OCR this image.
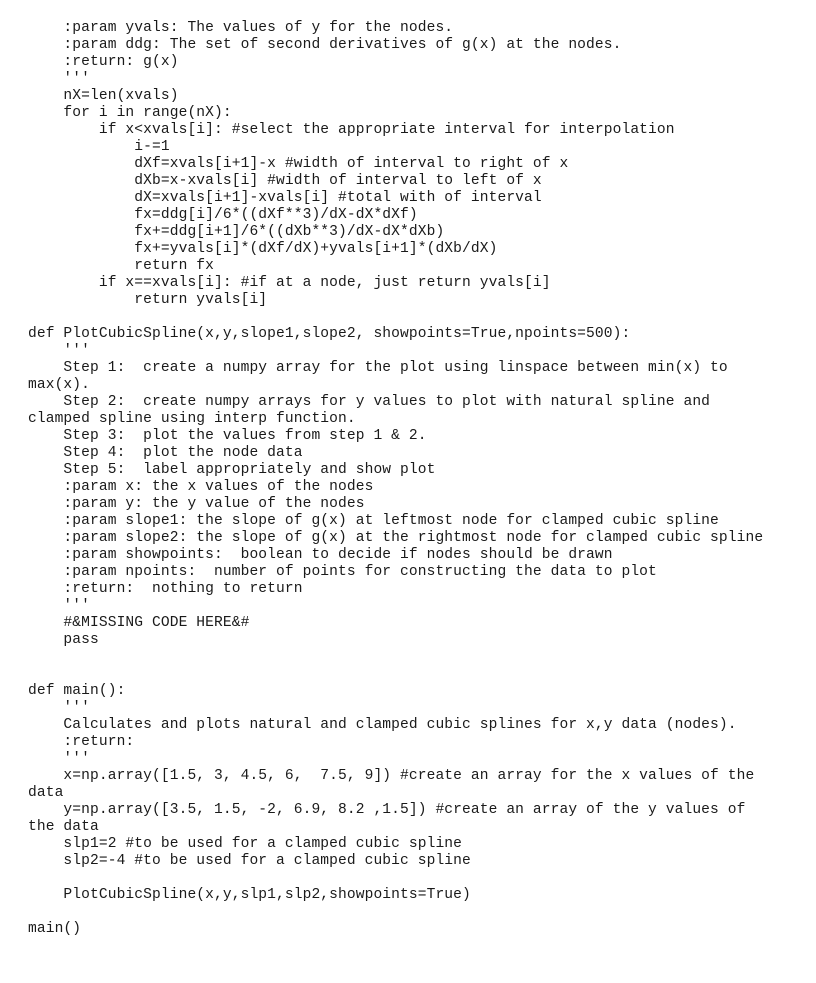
:param yvals: The values of y for the nodes.
:param ddg: The set of second derivatives of g(x) at the nodes.
:return: g(x)
'''
nX=len(xvals)
for i in range(nX):
if x<xvals[i]: #select the appropriate interval for interpolation
i-=1
dXf=xvals[i+1]-x #width of interval to right of x
dXb=x-xvals[i] #width of interval to left of x
dX=xvals[i+1]-xvals[i] #total with of interval
fx=ddg[i]/6*((dXf**3)/dX-dX*dXf)
fx+=ddg[i+1]/6*((dXb**3)/dX-dX*dXb)
fx+=yvals[i]*(dXf/dX)+yvals[i+1]*(dXb/dX)
return fx
if x==xvals[i]: #if at a node, just return yvals[i]
return yvals[i]
def PlotCubicSpline(x,y,slope1,slope2, showpoints=True,npoints=500):
'''
Step 1:  create a numpy array for the plot using linspace between min(x) to
max(x).
Step 2:  create numpy arrays for y values to plot with natural spline and
clamped spline using interp function.
Step 3:  plot the values from step 1 & 2.
Step 4:  plot the node data
Step 5:  label appropriately and show plot
:param x: the x values of the nodes
:param y: the y value of the nodes
:param slope1: the slope of g(x) at leftmost node for clamped cubic spline
:param slope2: the slope of g(x) at the rightmost node for clamped cubic spline
:param showpoints:  boolean to decide if nodes should be drawn
:param npoints:  number of points for constructing the data to plot
:return:  nothing to return
'''
#&MISSING CODE HERE&#
pass
def main():
'''
Calculates and plots natural and clamped cubic splines for x,y data (nodes).
:return:
'''
x=np.array([1.5, 3, 4.5, 6,  7.5, 9]) #create an array for the x values of the
data
y=np.array([3.5, 1.5, -2, 6.9, 8.2 ,1.5]) #create an array of the y values of
the data
slp1=2 #to be used for a clamped cubic spline
slp2=-4 #to be used for a clamped cubic spline
PlotCubicSpline(x,y,slp1,slp2,showpoints=True)
main()
